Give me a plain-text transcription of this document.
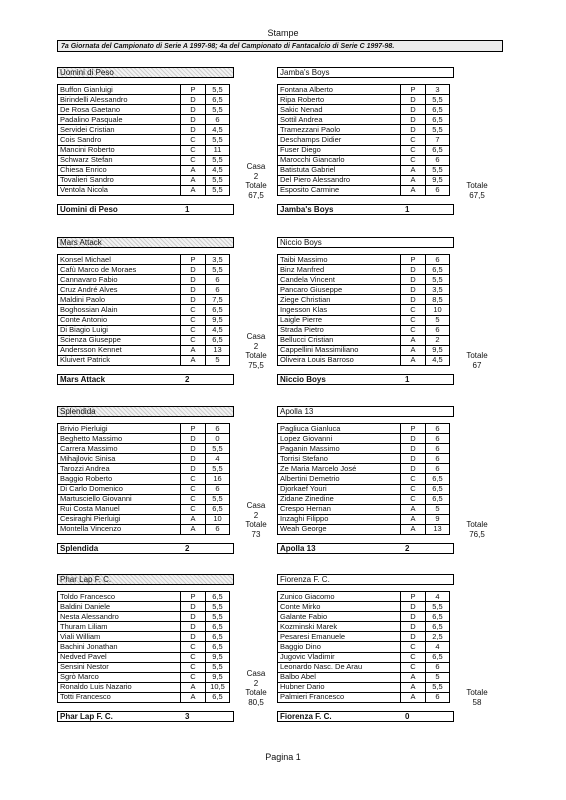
Stampe
7a Giornata del Campionato di Serie A 1997-98; 4a del Campionato di Fantacalcio di Serie C 1997-98.
Uomini di Peso
Buffon Gianluigi	P	5,5
Birindelli Alessandro	D	6,5
De Rosa Gaetano	D	5,5
Padalino Pasquale	D	6
Servidei Cristian	D	4,5
Cois Sandro	C	5,5
Mancini Roberto	C	11
Schwarz Stefan	C	5,5
Chiesa Enrico	A	4,5
Tovalieri Sandro	A	5,5
Ventola Nicola	A	5,5
Uomini di Peso	1
Jamba's Boys
Fontana Alberto	P	3
Ripa Roberto	D	5,5
Sakic Nenad	D	6,5
Sottil Andrea	D	6,5
Tramezzani Paolo	D	5,5
Deschamps Didier	C	7
Fuser Diego	C	6,5
Marocchi Giancarlo	C	6
Batistuta Gabriel	A	5,5
Del Piero Alessandro	A	9,5
Esposito Carmine	A	6
Jamba's Boys	1
Casa
2
Totale
67,5
Totale
67,5
Mars Attack
Konsel Michael	P	3,5
Cafù Marco de Moraes	D	5,5
Cannavaro Fabio	D	6
Cruz André Alves	D	6
Maldini Paolo	D	7,5
Boghossian Alain	C	6,5
Conte Antonio	C	9,5
Di Biagio Luigi	C	4,5
Scienza Giuseppe	C	6,5
Andersson Kennet	A	13
Kluivert Patrick	A	5
Mars Attack	2
Niccio Boys
Taibi Massimo	P	6
Binz Manfred	D	6,5
Candela Vincent	D	5,5
Pancaro Giuseppe	D	3,5
Ziege Christian	D	8,5
Ingesson Klas	C	10
Laigle Pierre	C	5
Strada Pietro	C	6
Bellucci Cristian	A	2
Cappellini Massimiliano	A	9,5
Oliveira Louis Barroso	A	4,5
Niccio Boys	1
Casa
2
Totale
75,5
Totale
67
Splendida
Brivio Pierluigi	P	6
Beghetto Massimo	D	0
Carrera Massimo	D	5,5
Mihajlovic Sinisa	D	4
Tarozzi Andrea	D	5,5
Baggio Roberto	C	16
Di Carlo Domenico	C	6
Martusciello Giovanni	C	5,5
Rui Costa Manuel	C	6,5
Cesiraghi Pierluigi	A	10
Montella Vincenzo	A	6
Splendida	2
Apolla 13
Pagliuca Gianluca	P	6
Lopez Giovanni	D	6
Paganin Massimo	D	6
Torrisi Stefano	D	6
Ze Maria Marcelo José	D	6
Albertini Demetrio	C	6,5
Djorkaef Youri	C	6,5
Zidane Zinedine	C	6,5
Crespo Hernan	A	5
Inzaghi Filippo	A	9
Weah George	A	13
Apolla 13	2
Casa
2
Totale
73
Totale
76,5
Phar Lap F. C.
Toldo Francesco	P	6,5
Baldini Daniele	D	5,5
Nesta Alessandro	D	5,5
Thuram Liliam	D	6,5
Viali William	D	6,5
Bachini Jonathan	C	6,5
Nedved Pavel	C	9,5
Sensini Nestor	C	5,5
Sgrò Marco	C	9,5
Ronaldo Luis Nazario	A	10,5
Totti Francesco	A	6,5
Phar Lap F. C.	3
Fiorenza F. C.
Zunico Giacomo	P	4
Conte Mirko	D	5,5
Galante Fabio	D	6,5
Kozminski Marek	D	6,5
Pesaresi Emanuele	D	2,5
Baggio Dino	C	4
Jugovic Vladimir	C	6,5
Leonardo Nasc. De Arau	C	6
Balbo Abel	A	5
Hubner Dario	A	5,5
Palmieri Francesco	A	6
Fiorenza F. C.	0
Casa
2
Totale
80,5
Totale
58
Pagina 1
